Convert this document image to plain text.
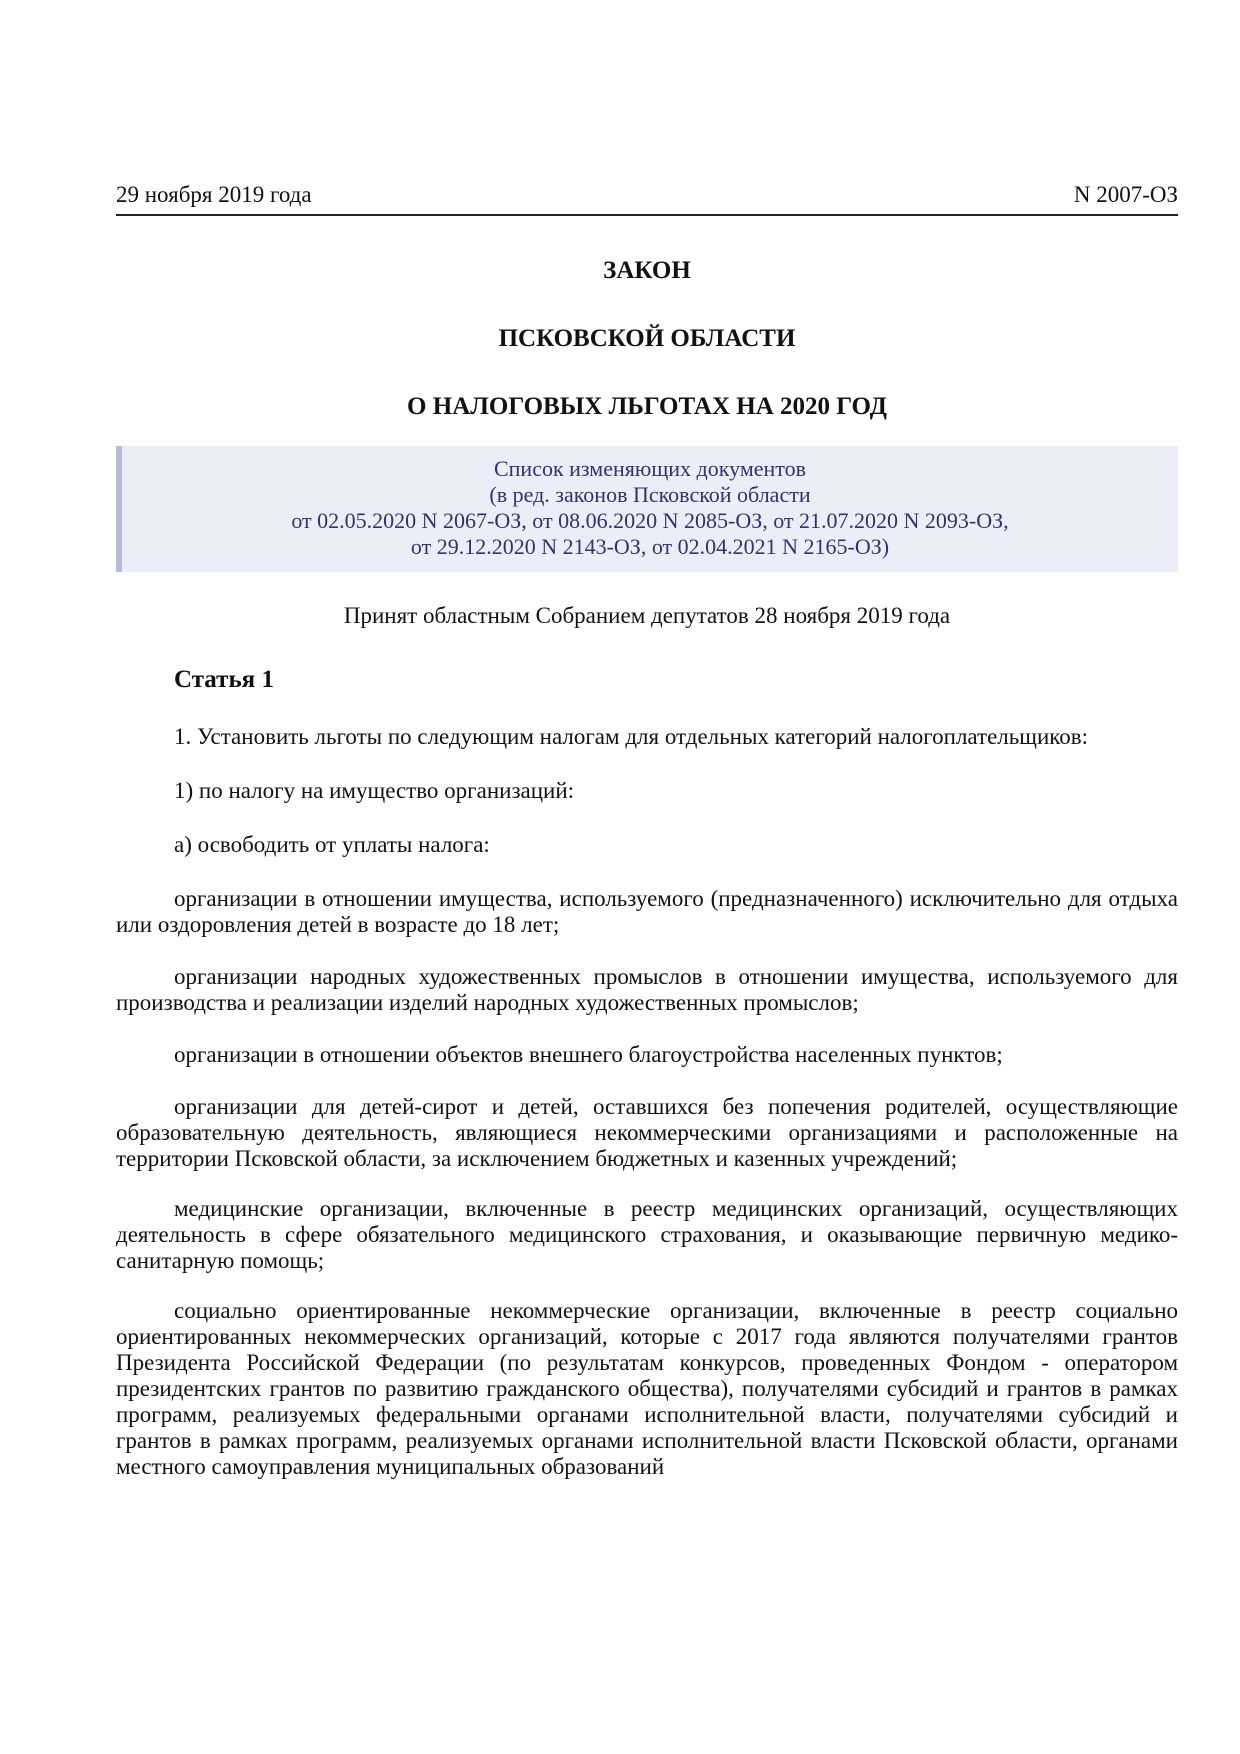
29 ноября 2019 года	N 2007-ОЗ

ЗАКОН

ПСКОВСКОЙ ОБЛАСТИ

О НАЛОГОВЫХ ЛЬГОТАХ НА 2020 ГОД

Список изменяющих документов
(в ред. законов Псковской области
от 02.05.2020 N 2067-ОЗ, от 08.06.2020 N 2085-ОЗ, от 21.07.2020 N 2093-ОЗ,
от 29.12.2020 N 2143-ОЗ, от 02.04.2021 N 2165-ОЗ)
Принят областным Собранием депутатов 28 ноября 2019 года
Статья 1

1. Установить льготы по следующим налогам для отдельных категорий налогоплательщиков:

1) по налогу на имущество организаций:

а) освободить от уплаты налога:

организации в отношении имущества, используемого (предназначенного) исключительно для отдыха или оздоровления детей в возрасте до 18 лет;

организации народных художественных промыслов в отношении имущества, используемого для производства и реализации изделий народных художественных промыслов;

организации в отношении объектов внешнего благоустройства населенных пунктов;

организации для детей-сирот и детей, оставшихся без попечения родителей, осуществляющие образовательную деятельность, являющиеся некоммерческими организациями и расположенные на территории Псковской области, за исключением бюджетных и казенных учреждений;

медицинские организации, включенные в реестр медицинских организаций, осуществляющих деятельность в сфере обязательного медицинского страхования, и оказывающие первичную медико-санитарную помощь;

социально ориентированные некоммерческие организации, включенные в реестр социально ориентированных некоммерческих организаций, которые с 2017 года являются получателями грантов Президента Российской Федерации (по результатам конкурсов, проведенных Фондом - оператором президентских грантов по развитию гражданского общества), получателями субсидий и грантов в рамках программ, реализуемых федеральными органами исполнительной власти, получателями субсидий и грантов в рамках программ, реализуемых органами исполнительной власти Псковской области, органами местного самоуправления муниципальных образований
